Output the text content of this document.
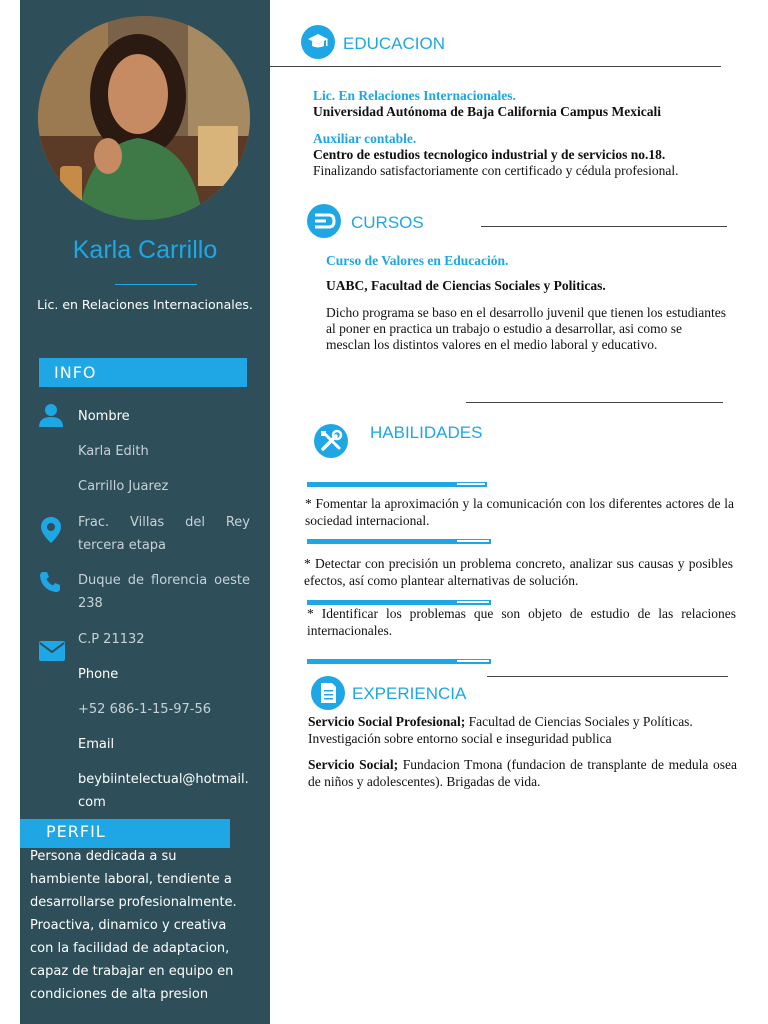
Karla Carrillo
Lic. en Relaciones Internacionales.
INFO
Nombre
Karla Edith
Carrillo Juarez
Frac. Villas del Rey tercera etapa
Duque de florencia oeste 238
C.P 21132
Phone
+52 686-1-15-97-56
Email
beybiintelectual@hotmail.com
Persona dedicada a su hambiente laboral, tendiente a desarrollarse profesionalmente. Proactiva, dinamico y creativa con la facilidad de adaptacion, capaz de trabajar en equipo en condiciones de alta presion
PERFIL
EDUCACION
Lic. En Relaciones Internacionales.
Universidad Autónoma de Baja California Campus Mexicali
Auxiliar contable.
Centro de estudios tecnologico industrial y de servicios no.18.
Finalizando satisfactoriamente con certificado y cédula profesional.
CURSOS
Curso de Valores en Educación.
UABC, Facultad de Ciencias Sociales y Politicas.
Dicho programa se baso en el desarrollo juvenil que tienen los estudiantes al poner en practica un trabajo o estudio a desarrollar, asi como se mesclan los distintos valores en el medio laboral y educativo.
HABILIDADES
* Fomentar la aproximación y la comunicación con los diferentes actores de la sociedad internacional.
* Detectar con precisión un problema concreto, analizar sus causas y posibles efectos, así como plantear alternativas de solución.
* Identificar los problemas que son objeto de estudio de las relaciones internacionales.
EXPERIENCIA
Servicio Social Profesional; Facultad de Ciencias Sociales y Políticas.
Investigación sobre entorno social e inseguridad publica
Servicio Social; Fundacion Tmona (fundacion de transplante de medula osea de niños y adolescentes). Brigadas de vida.
